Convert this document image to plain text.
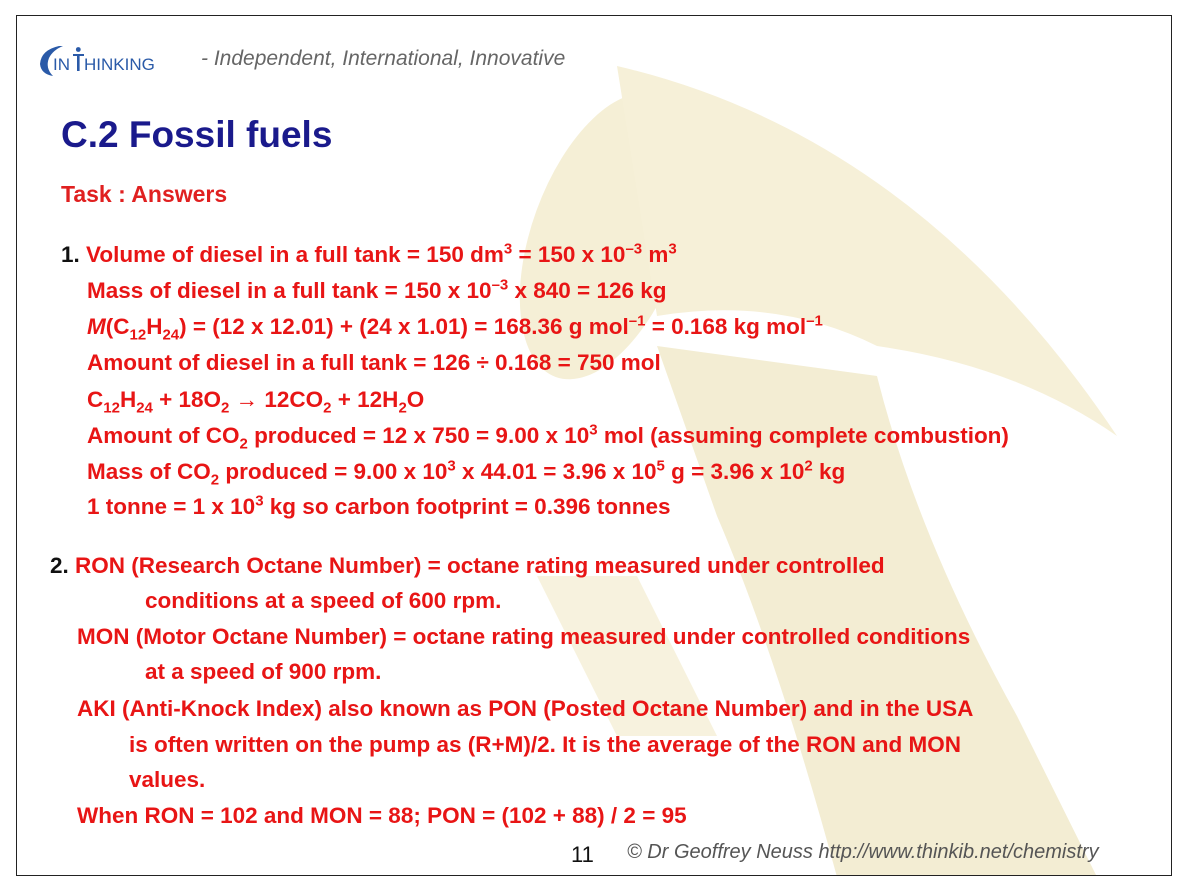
IN HINKING - Independent, International, Innovative
C.2 Fossil fuels
Task : Answers
1. Volume of diesel in a full tank = 150 $dm^3 = 150$ x $10^{-3}$ $m^3$
Mass of diesel in a full tank = 150 x $10^{-3}$ x 840 = 126 kg
$M(C_{12}H_{24}) = (12$ x 12.01) + (24 x 1.01) = 168.36 g mol$^{-1}$ = 0.168 kg mol$^{-1}$
Amount of diesel in a full tank = 126 ÷ 0.168 = 750 mol
$C_{12}H_{24} + 18O_2 \to 12CO_2 + 12H_2O$
Amount of $CO_2$ produced = 12 x 750 = 9.00 x $10^3$ mol (assuming complete combustion)
Mass of $CO_2$ produced = 9.00 x $10^3$ x 44.01 = 3.96 x $10^5$ g = 3.96 x $10^2$ kg
1 tonne = 1 x $10^3$ kg so carbon footprint = 0.396 tonnes
2. RON (Research Octane Number) = octane rating measured under controlled
conditions at a speed of 600 rpm.
MON (Motor Octane Number) = octane rating measured under controlled conditions
at a speed of 900 rpm.
AKI (Anti-Knock Index) also known as PON (Posted Octane Number) and in the USA
is often written on the pump as (R+M)/2. It is the average of the RON and MON
values.
When RON = 102 and MON = 88; PON = (102 + 88) / 2 = 95
11 © Dr Geoffrey Neuss http://www.thinkib.net/chemistry
